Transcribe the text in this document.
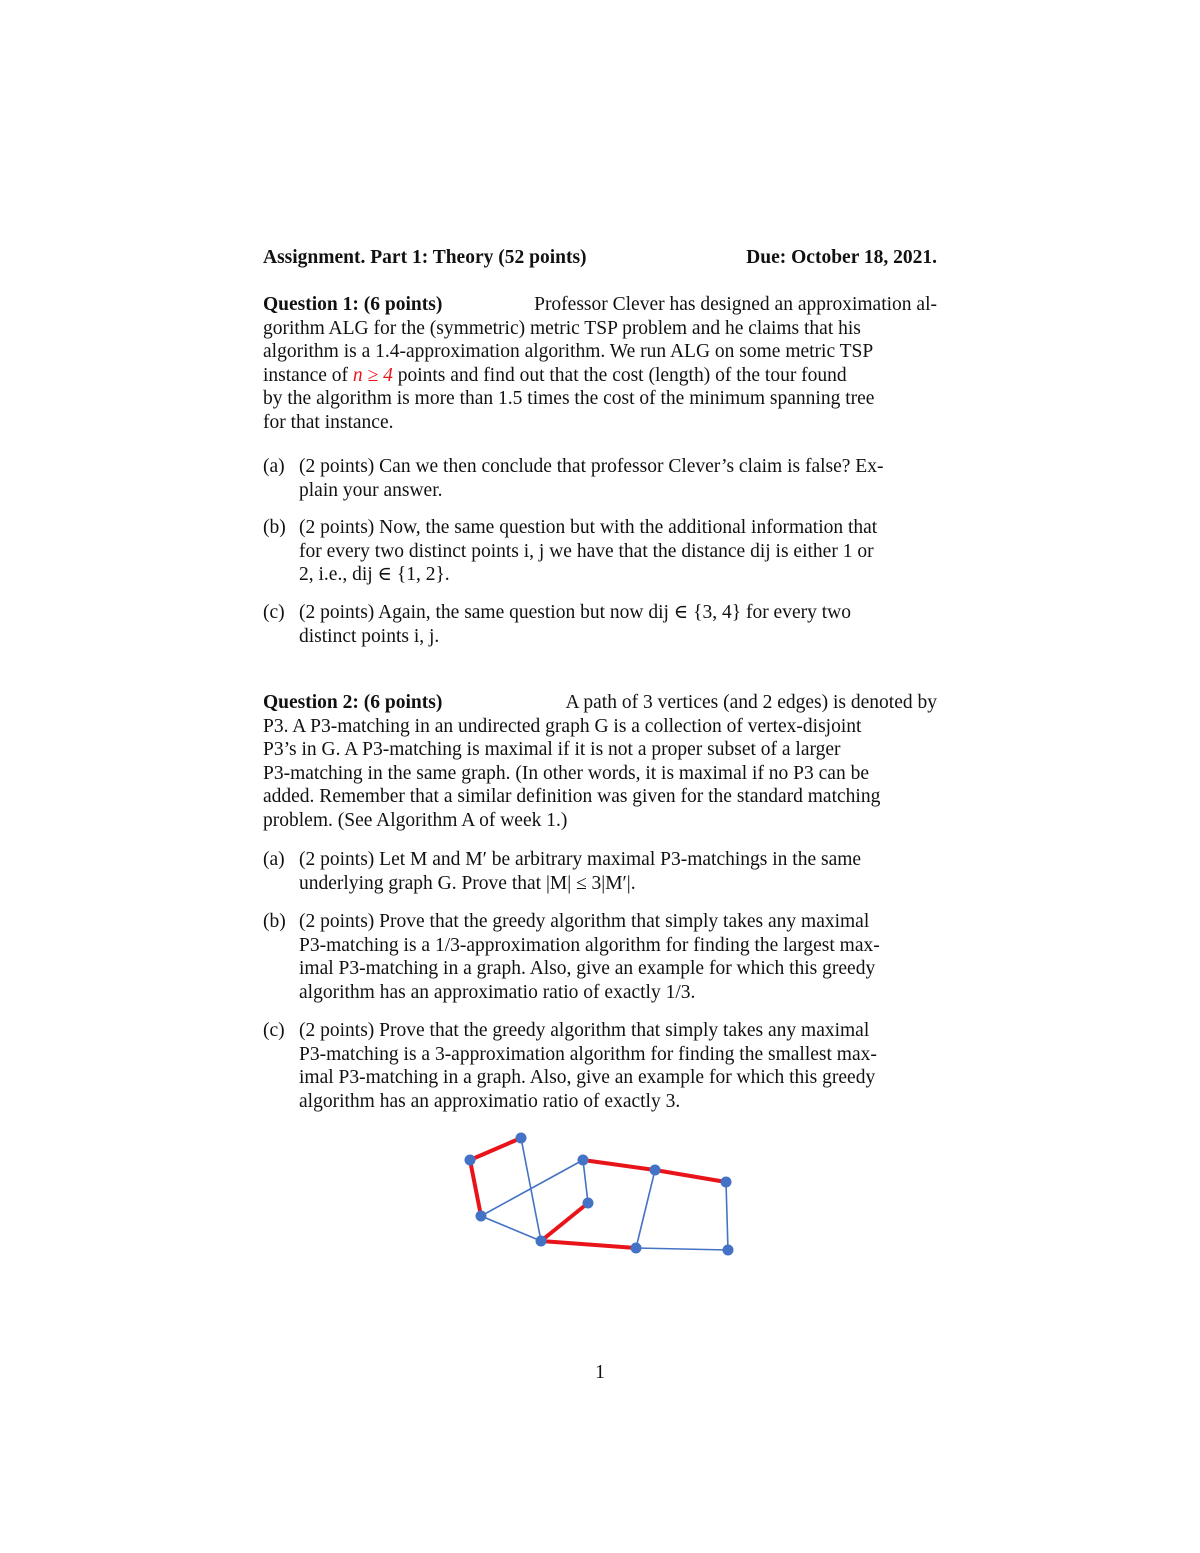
Assignment. Part 1: Theory (52 points)	Due: October 18, 2021.
Question 1: (6 points)	Professor Clever has designed an approximation al-
gorithm ALG for the (symmetric) metric TSP problem and he claims that his
algorithm is a 1.4-approximation algorithm. We run ALG on some metric TSP
instance of n ≥ 4 points and find out that the cost (length) of the tour found
by the algorithm is more than 1.5 times the cost of the minimum spanning tree
for that instance.
(a) (2 points) Can we then conclude that professor Clever’s claim is false? Ex-
plain your answer.
(b) (2 points) Now, the same question but with the additional information that
for every two distinct points i, j we have that the distance dij is either 1 or
2, i.e., dij ∈ {1, 2}.
(c) (2 points) Again, the same question but now dij ∈ {3, 4} for every two
distinct points i, j.
Question 2: (6 points)	A path of 3 vertices (and 2 edges) is denoted by
P3. A P3-matching in an undirected graph G is a collection of vertex-disjoint
P3’s in G. A P3-matching is maximal if it is not a proper subset of a larger
P3-matching in the same graph. (In other words, it is maximal if no P3 can be
added. Remember that a similar definition was given for the standard matching
problem. (See Algorithm A of week 1.)
(a) (2 points) Let M and M′ be arbitrary maximal P3-matchings in the same
underlying graph G. Prove that |M| ≤ 3|M′|.
(b) (2 points) Prove that the greedy algorithm that simply takes any maximal
P3-matching is a 1/3-approximation algorithm for finding the largest max-
imal P3-matching in a graph. Also, give an example for which this greedy
algorithm has an approximatio ratio of exactly 1/3.
(c) (2 points) Prove that the greedy algorithm that simply takes any maximal
P3-matching is a 3-approximation algorithm for finding the smallest max-
imal P3-matching in a graph. Also, give an example for which this greedy
algorithm has an approximatio ratio of exactly 3.
1
